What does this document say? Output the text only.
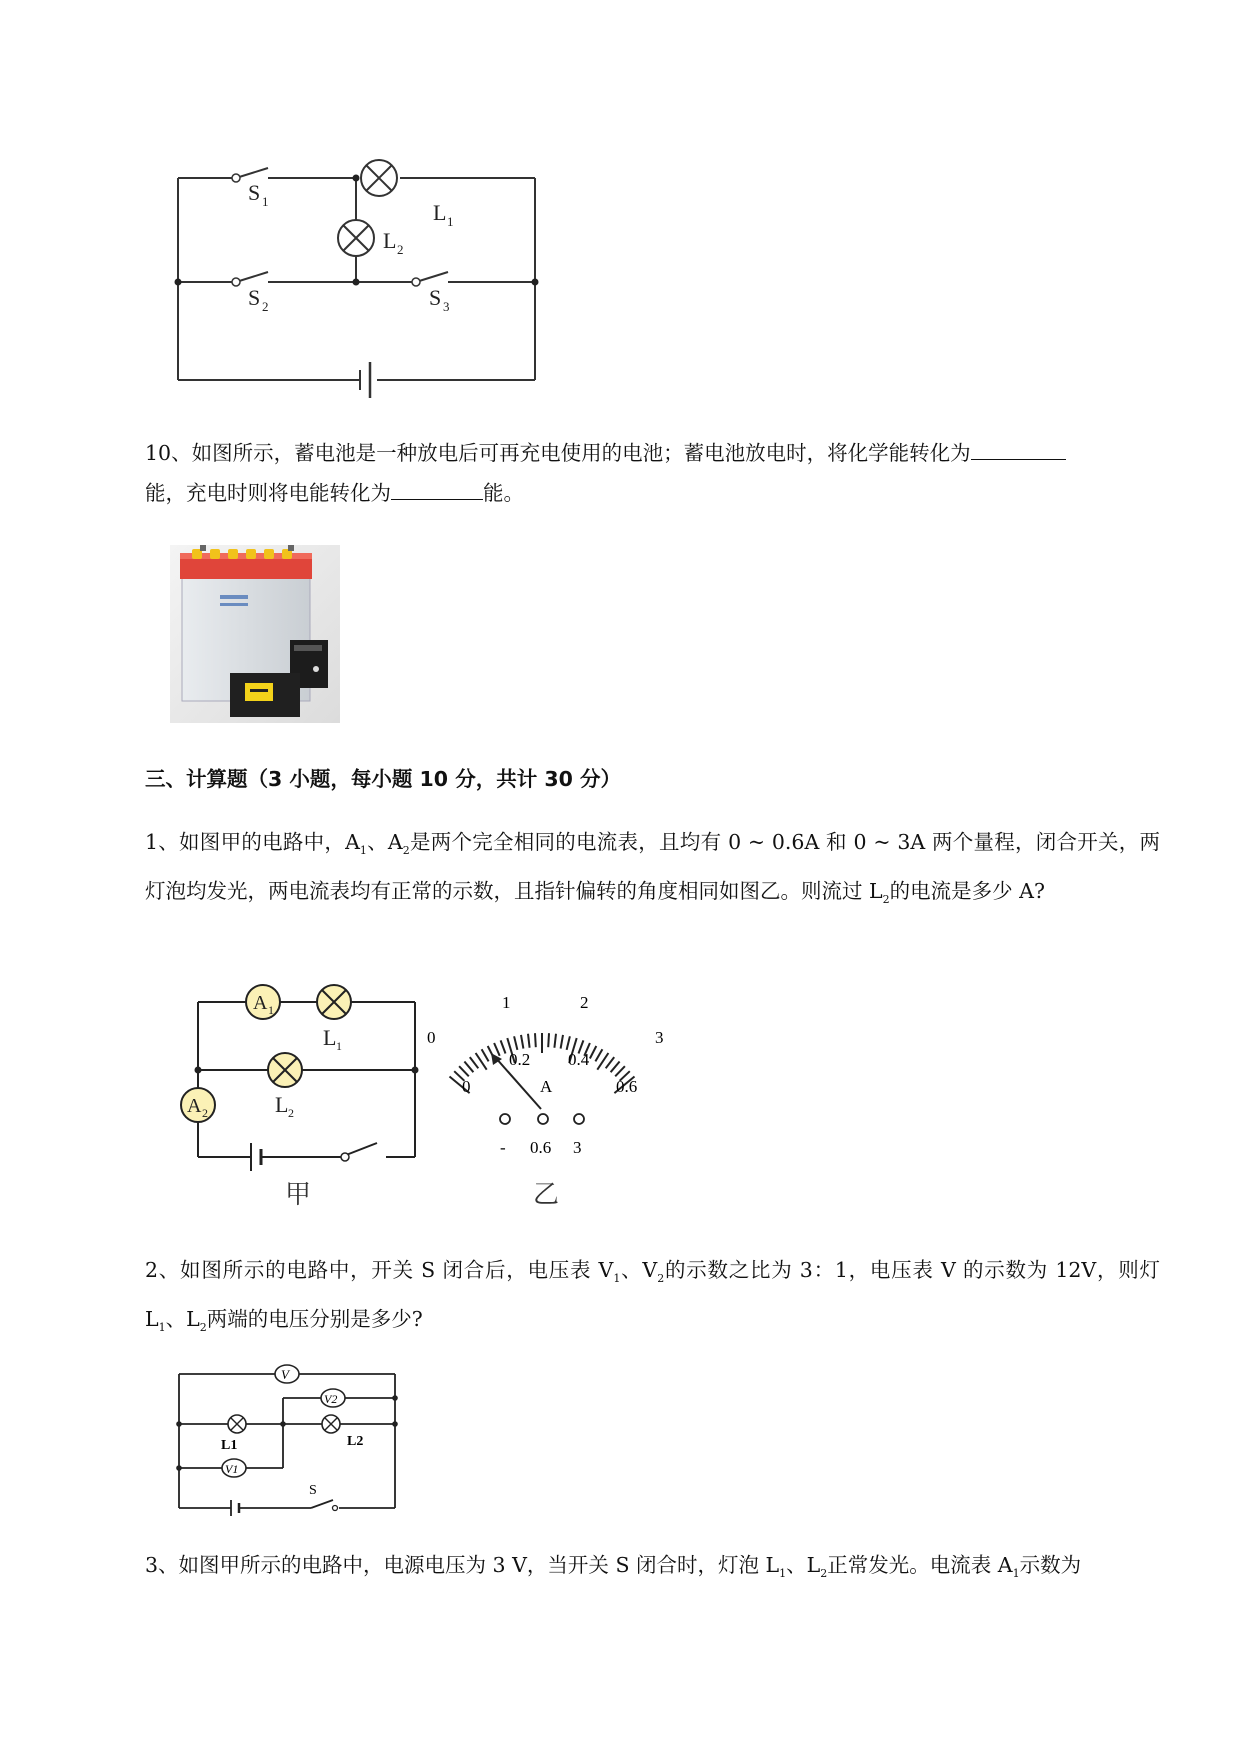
S 1
S 2	S 3
L 1
L 2
10、如图所示，蓄电池是一种放电后可再充电使用的电池；蓄电池放电时，将化学能转化为
能，充电时则将电能转化为	能。
三、计算题（3 小题，每小题 10 分，共计 30 分）
1、如图甲的电路中，$A_1$、$A_2$是两个完全相同的电流表，且均有 0 ~ 0.6A 和 0 ~ 3A 两个量程，闭合开关，两灯泡均发光，两电流表均有正常的示数，且指针偏转的角度相同如图乙。则流过 $L_2$的电流是多少 A?
A 1
L 1
L 2
A 2
甲
0
1	2
3
0
0.2 0.4
0.6
A
- 0.6 3
乙
2、如图所示的电路中，开关 S 闭合后，电压表 $V_1$、$V_2$的示数之比为 3：1，电压表 V 的示数为 12V，则灯 $L_1$、$L_2$两端的电压分别是多少?
V
V2
L1	L2
V1
S
3、如图甲所示的电路中，电源电压为 3 V，当开关 S 闭合时，灯泡 $L_1$、$L_2$正常发光。电流表 $A_1$示数为
